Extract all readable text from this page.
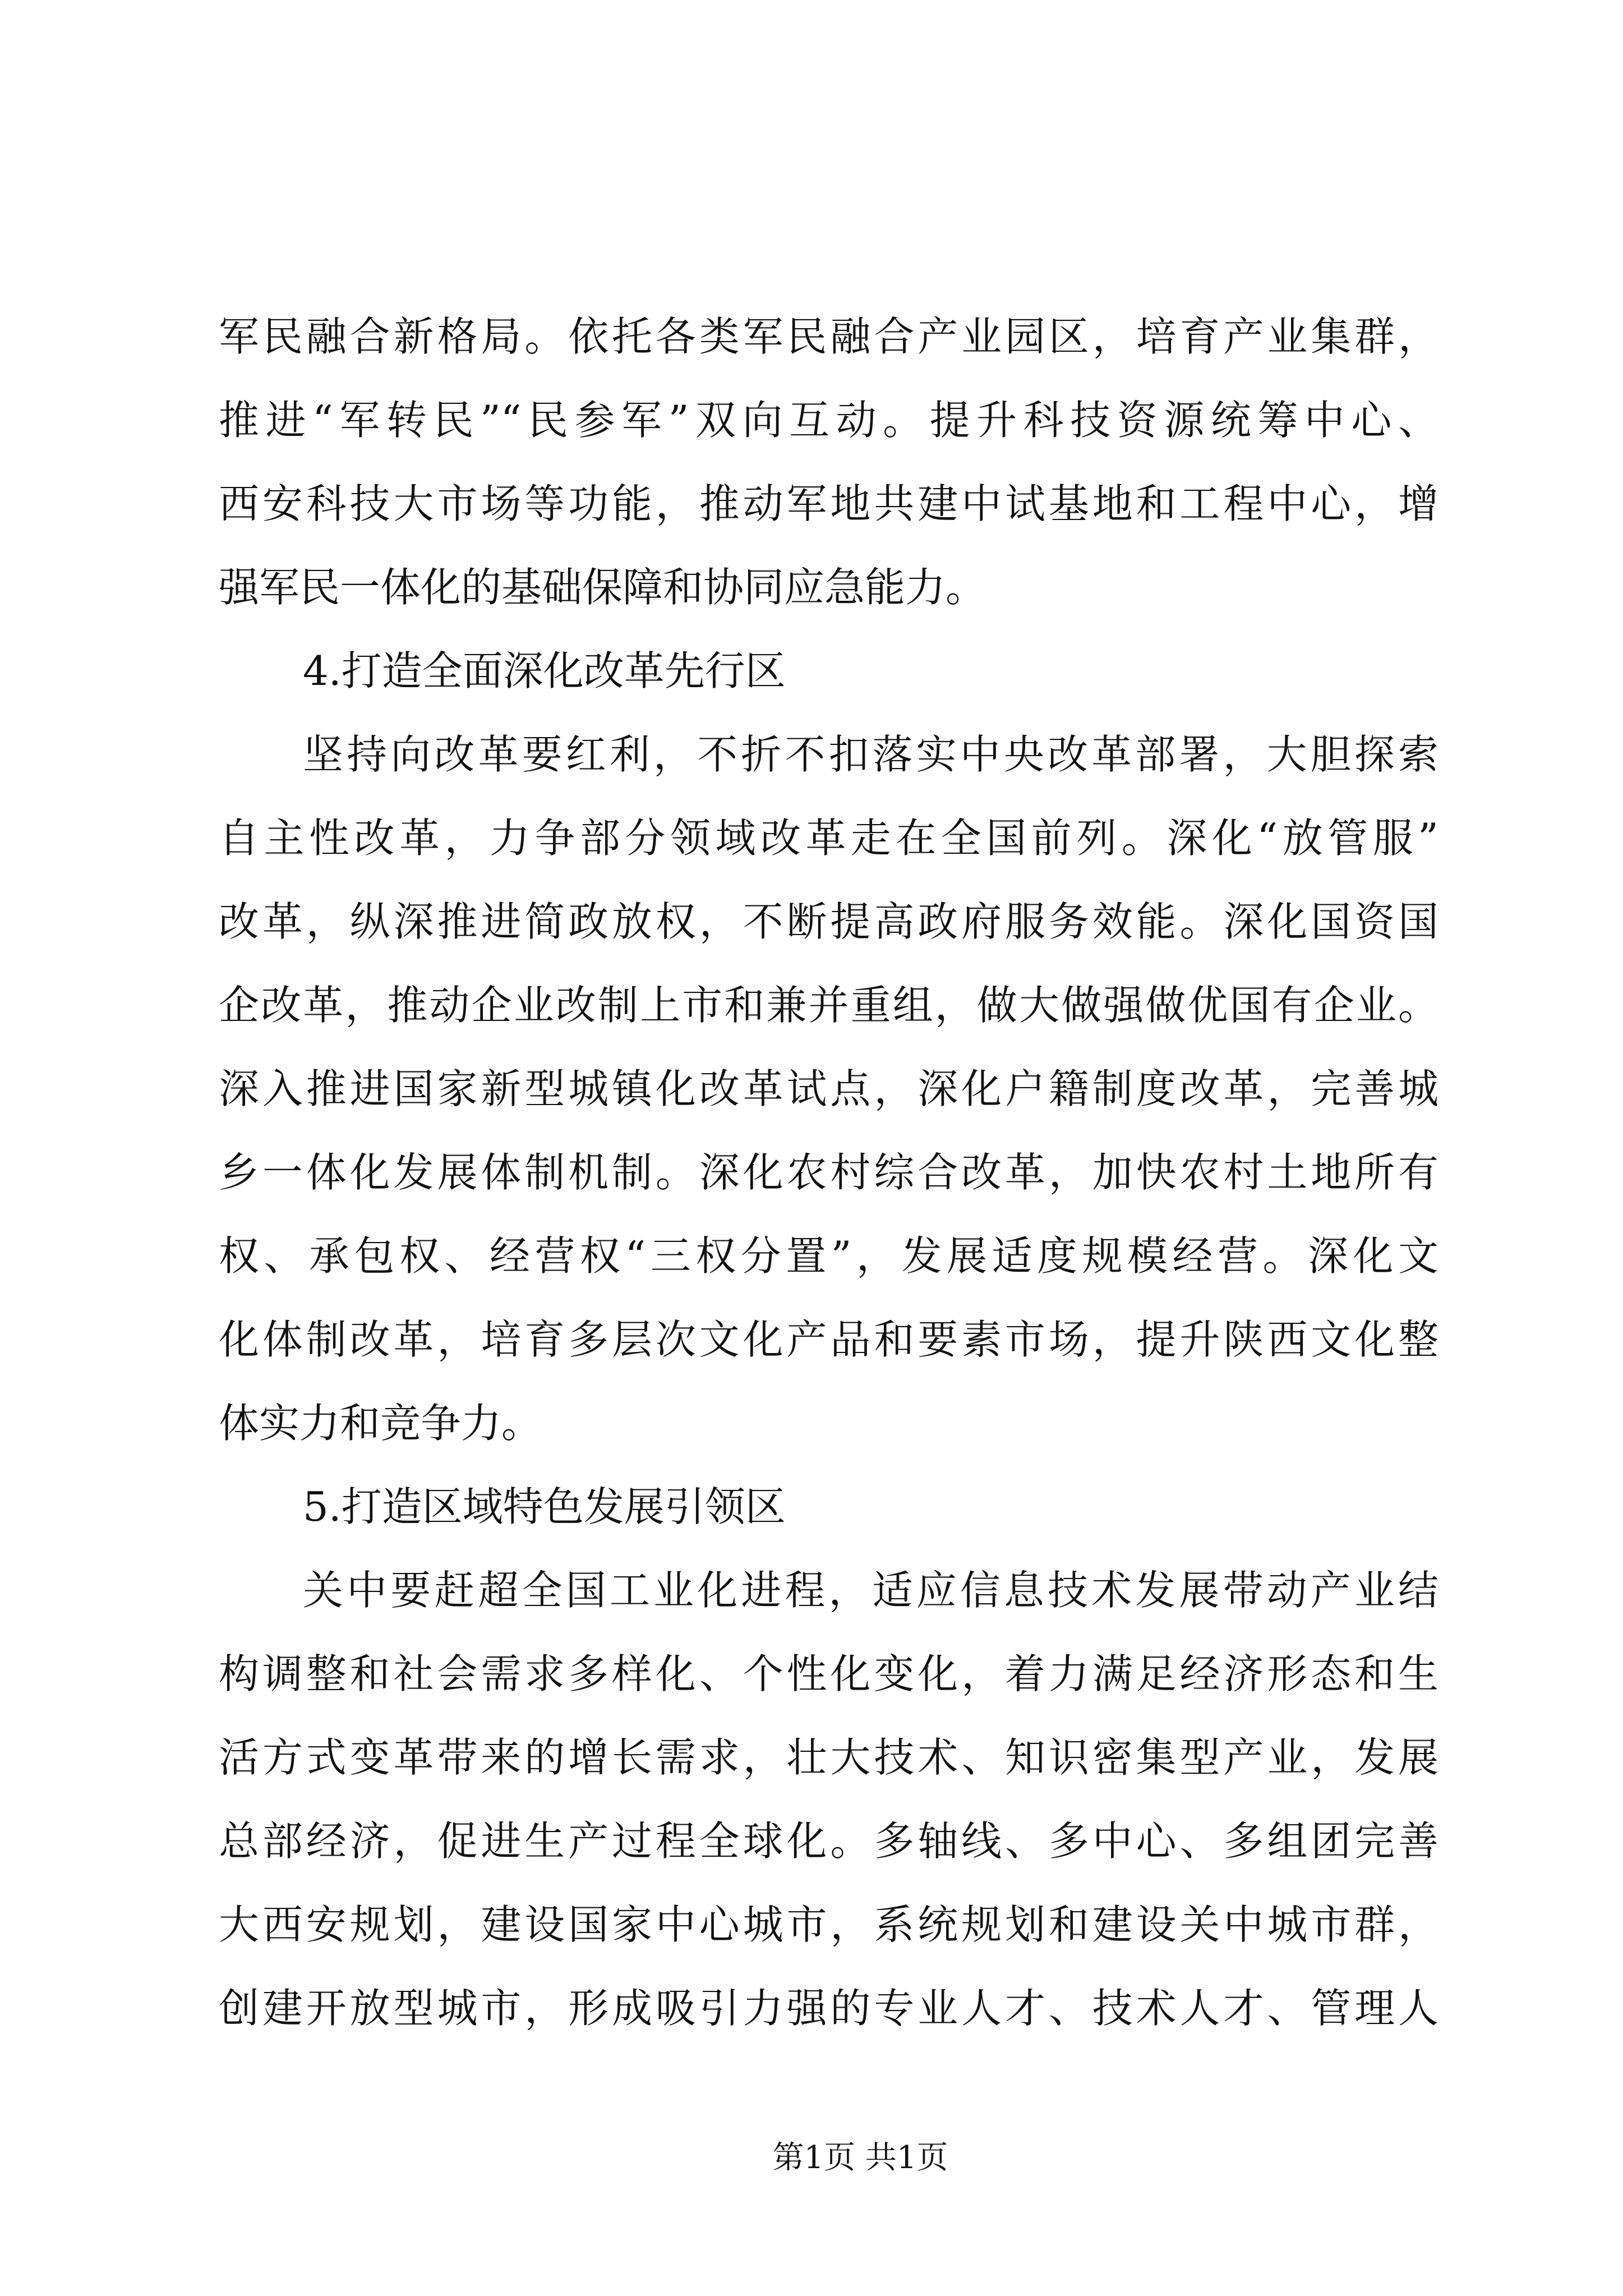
军民融合新格局。依托各类军民融合产业园区，培育产业集群，
推进“军转民”“民参军”双向互动。提升科技资源统筹中心、
西安科技大市场等功能，推动军地共建中试基地和工程中心，增
强军民一体化的基础保障和协同应急能力。
4.打造全面深化改革先行区
坚持向改革要红利，不折不扣落实中央改革部署，大胆探索
自主性改革，力争部分领域改革走在全国前列。深化“放管服”
改革，纵深推进简政放权，不断提高政府服务效能。深化国资国
企改革，推动企业改制上市和兼并重组，做大做强做优国有企业。
深入推进国家新型城镇化改革试点，深化户籍制度改革，完善城
乡一体化发展体制机制。深化农村综合改革，加快农村土地所有
权、承包权、经营权“三权分置”，发展适度规模经营。深化文
化体制改革，培育多层次文化产品和要素市场，提升陕西文化整
体实力和竞争力。
5.打造区域特色发展引领区
关中要赶超全国工业化进程，适应信息技术发展带动产业结
构调整和社会需求多样化、个性化变化，着力满足经济形态和生
活方式变革带来的增长需求，壮大技术、知识密集型产业，发展
总部经济，促进生产过程全球化。多轴线、多中心、多组团完善
大西安规划，建设国家中心城市，系统规划和建设关中城市群，
创建开放型城市，形成吸引力强的专业人才、技术人才、管理人
第1页 共1页
